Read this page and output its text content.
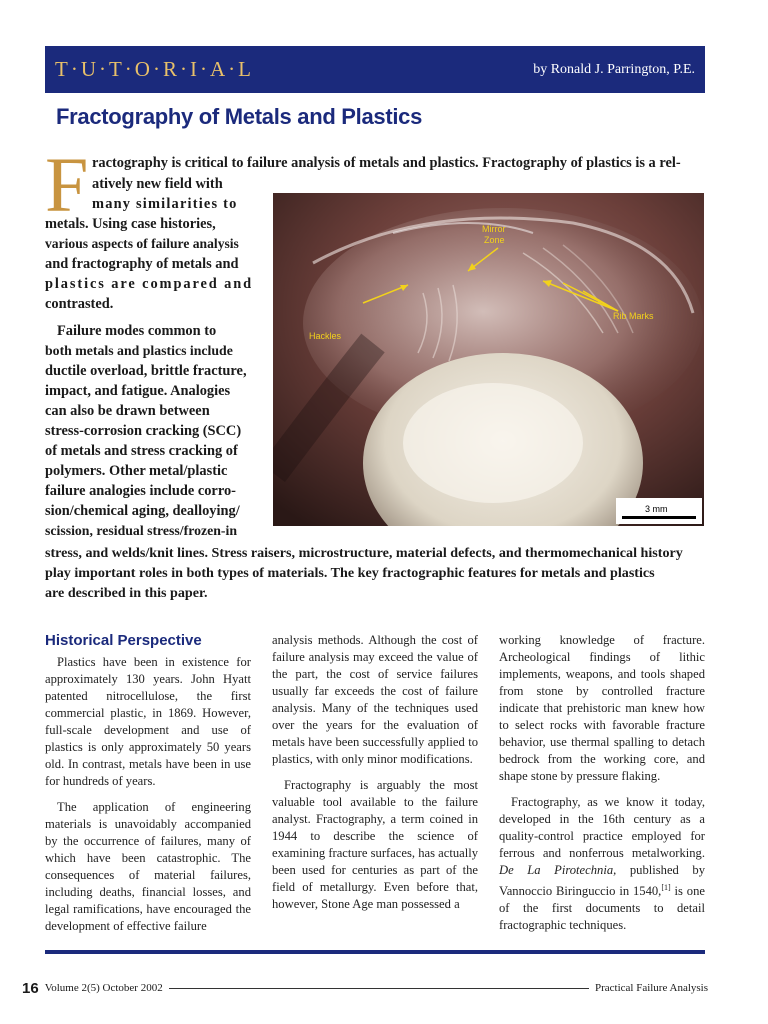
T·U·T·O·R·I·A·L	by Ronald J. Parrington, P.E.
Fractography of Metals and Plastics
F ractography is critical to failure analysis of metals and plastics. Fractography of plastics is a rel-
atively new field with
many similarities to
metals. Using case histories,
various aspects of failure analysis
and fractography of metals and
plastics are compared and
contrasted.
Failure modes common to
both metals and plastics include
ductile overload, brittle fracture,
impact, and fatigue. Analogies
can also be drawn between
stress-corrosion cracking (SCC)
of metals and stress cracking of
polymers. Other metal/plastic
failure analogies include corro-
sion/chemical aging, dealloying/
scission, residual stress/frozen-in
stress, and welds/knit lines. Stress raisers, microstructure, material defects, and thermomechanical history
play important roles in both types of materials. The key fractographic features for metals and plastics
are described in this paper.
Mirror
Zone
Hackles
Rib Marks
3 mm
Historical Perspective

Plastics have been in existence for approximately 130 years. John Hyatt patented nitrocellulose, the first commercial plastic, in 1869. However, full-scale development and use of plastics is only approximately 50 years old. In contrast, metals have been in use for hundreds of years.

The application of engineering materials is unavoidably accompanied by the occurrence of failures, many of which have been catastrophic. The consequences of material failures, including deaths, financial losses, and legal ramifications, have encouraged the development of effective failure

analysis methods. Although the cost of failure analysis may exceed the value of the part, the cost of service failures usually far exceeds the cost of failure analysis. Many of the techniques used over the years for the evaluation of metals have been successfully applied to plastics, with only minor modifications.

Fractography is arguably the most valuable tool available to the failure analyst. Fractography, a term coined in 1944 to describe the science of examining fracture surfaces, has actually been used for centuries as part of the field of metallurgy. Even before that, however, Stone Age man possessed a

working knowledge of fracture. Archeological findings of lithic implements, weapons, and tools shaped from stone by controlled fracture indicate that prehistoric man knew how to select rocks with favorable fracture behavior, use thermal spalling to detach bedrock from the working core, and shape stone by pressure flaking.

Fractography, as we know it today, developed in the 16th century as a quality-control practice employed for ferrous and nonferrous metalworking. De La Pirotechnia, published by Vannoccio Biringuccio in 1540,[1] is one of the first documents to detail fractographic techniques.

16 Volume 2(5) October 2002	Practical Failure Analysis
